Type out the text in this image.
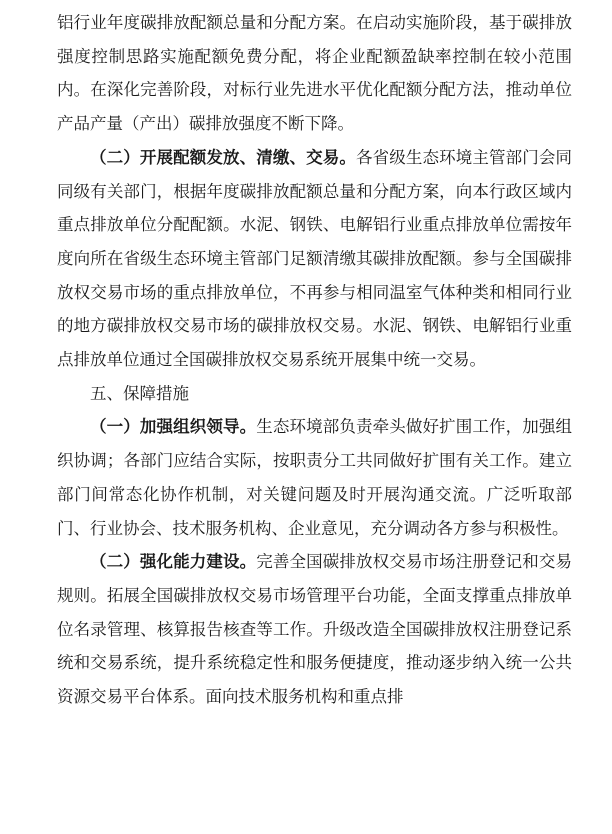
铝行业年度碳排放配额总量和分配方案。在启动实施阶段，基于碳排放强度控制思路实施配额免费分配，将企业配额盈缺率控制在较小范围内。在深化完善阶段，对标行业先进水平优化配额分配方法，推动单位产品产量（产出）碳排放强度不断下降。

（二）开展配额发放、清缴、交易。各省级生态环境主管部门会同同级有关部门，根据年度碳排放配额总量和分配方案，向本行政区域内重点排放单位分配配额。水泥、钢铁、电解铝行业重点排放单位需按年度向所在省级生态环境主管部门足额清缴其碳排放配额。参与全国碳排放权交易市场的重点排放单位，不再参与相同温室气体种类和相同行业的地方碳排放权交易市场的碳排放权交易。水泥、钢铁、电解铝行业重点排放单位通过全国碳排放权交易系统开展集中统一交易。

五、保障措施

（一）加强组织领导。生态环境部负责牵头做好扩围工作，加强组织协调；各部门应结合实际，按职责分工共同做好扩围有关工作。建立部门间常态化协作机制，对关键问题及时开展沟通交流。广泛听取部门、行业协会、技术服务机构、企业意见，充分调动各方参与积极性。

（二）强化能力建设。完善全国碳排放权交易市场注册登记和交易规则。拓展全国碳排放权交易市场管理平台功能，全面支撑重点排放单位名录管理、核算报告核查等工作。升级改造全国碳排放权注册登记系统和交易系统，提升系统稳定性和服务便捷度，推动逐步纳入统一公共资源交易平台体系。面向技术服务机构和重点排
